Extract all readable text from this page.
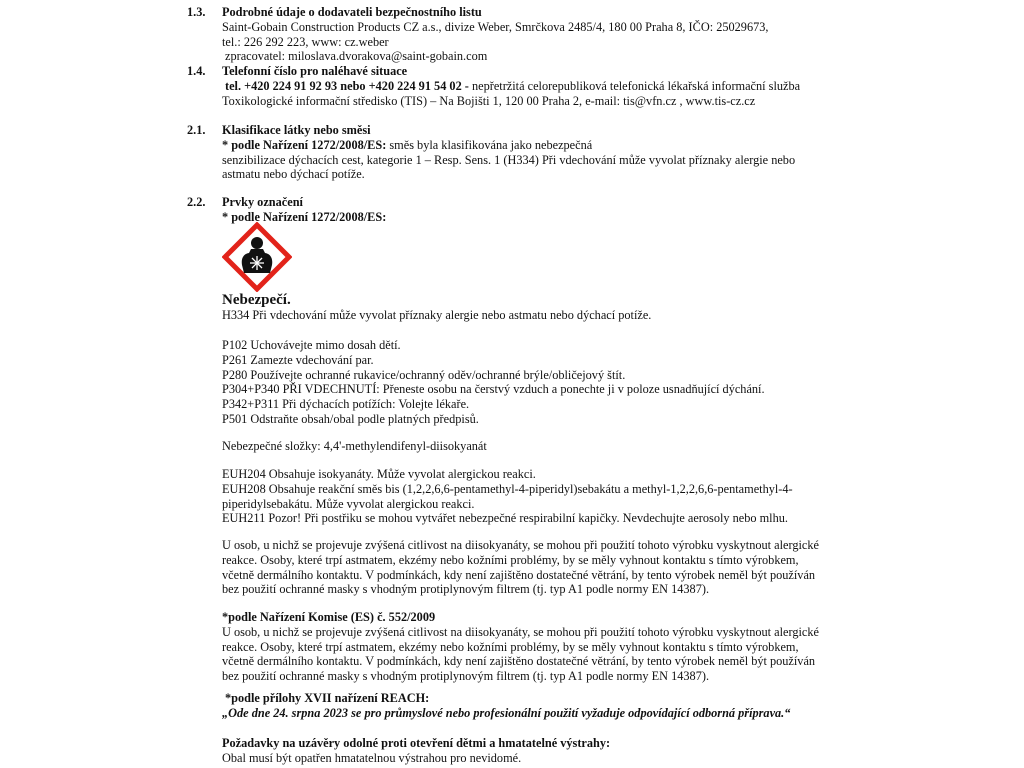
1.3. Podrobné údaje o dodavateli bezpečnostního listu
Saint-Gobain Construction Products CZ a.s., divize Weber, Smrčkova 2485/4, 180 00 Praha 8, IČO: 25029673,
tel.: 226 292 223, www: cz.weber
zpracovatel: miloslava.dvorakova@saint-gobain.com
1.4. Telefonní číslo pro naléhavé situace
tel. +420 224 91 92 93 nebo +420 224 91 54 02 - nepřetržitá celorepubliková telefonická lékařská informační služba
Toxikologické informační středisko (TIS) – Na Bojišti 1, 120 00 Praha 2, e-mail: tis@vfn.cz , www.tis-cz.cz
2.1. Klasifikace látky nebo směsi
* podle Nařízení 1272/2008/ES: směs byla klasifikována jako nebezpečná
senzibilizace dýchacích cest, kategorie 1 – Resp. Sens. 1 (H334) Při vdechování může vyvolat příznaky alergie nebo
astmatu nebo dýchací potíže.
2.2. Prvky označení
* podle Nařízení 1272/2008/ES:
Nebezpečí.
H334 Při vdechování může vyvolat příznaky alergie nebo astmatu nebo dýchací potíže.
P102 Uchovávejte mimo dosah dětí.
P261 Zamezte vdechování par.
P280 Používejte ochranné rukavice/ochranný oděv/ochranné brýle/obličejový štít.
P304+P340 PŘI VDECHNUTÍ: Přeneste osobu na čerstvý vzduch a ponechte ji v poloze usnadňující dýchání.
P342+P311 Při dýchacích potížích: Volejte lékaře.
P501 Odstraňte obsah/obal podle platných předpisů.
Nebezpečné složky: 4,4'-methylendifenyl-diisokyanát
EUH204 Obsahuje isokyanáty. Může vyvolat alergickou reakci.
EUH208 Obsahuje reakční směs bis (1,2,2,6,6-pentamethyl-4-piperidyl)sebakátu a methyl-1,2,2,6,6-pentamethyl-4-
piperidylsebakátu. Může vyvolat alergickou reakci.
EUH211 Pozor! Při postřiku se mohou vytvářet nebezpečné respirabilní kapičky. Nevdechujte aerosoly nebo mlhu.
U osob, u nichž se projevuje zvýšená citlivost na diisokyanáty, se mohou při použití tohoto výrobku vyskytnout alergické
reakce. Osoby, které trpí astmatem, ekzémy nebo kožními problémy, by se měly vyhnout kontaktu s tímto výrobkem,
včetně dermálního kontaktu. V podmínkách, kdy není zajištěno dostatečné větrání, by tento výrobek neměl být používán
bez použití ochranné masky s vhodným protiplynovým filtrem (tj. typ A1 podle normy EN 14387).
*podle Nařízení Komise (ES) č. 552/2009
U osob, u nichž se projevuje zvýšená citlivost na diisokyanáty, se mohou při použití tohoto výrobku vyskytnout alergické
reakce. Osoby, které trpí astmatem, ekzémy nebo kožními problémy, by se měly vyhnout kontaktu s tímto výrobkem,
včetně dermálního kontaktu. V podmínkách, kdy není zajištěno dostatečné větrání, by tento výrobek neměl být používán
bez použití ochranné masky s vhodným protiplynovým filtrem (tj. typ A1 podle normy EN 14387).
*podle přílohy XVII nařízení REACH:
„Ode dne 24. srpna 2023 se pro průmyslové nebo profesionální použití vyžaduje odpovídající odborná příprava.“
Požadavky na uzávěry odolné proti otevření dětmi a hmatatelné výstrahy:
Obal musí být opatřen hmatatelnou výstrahou pro nevidomé.
